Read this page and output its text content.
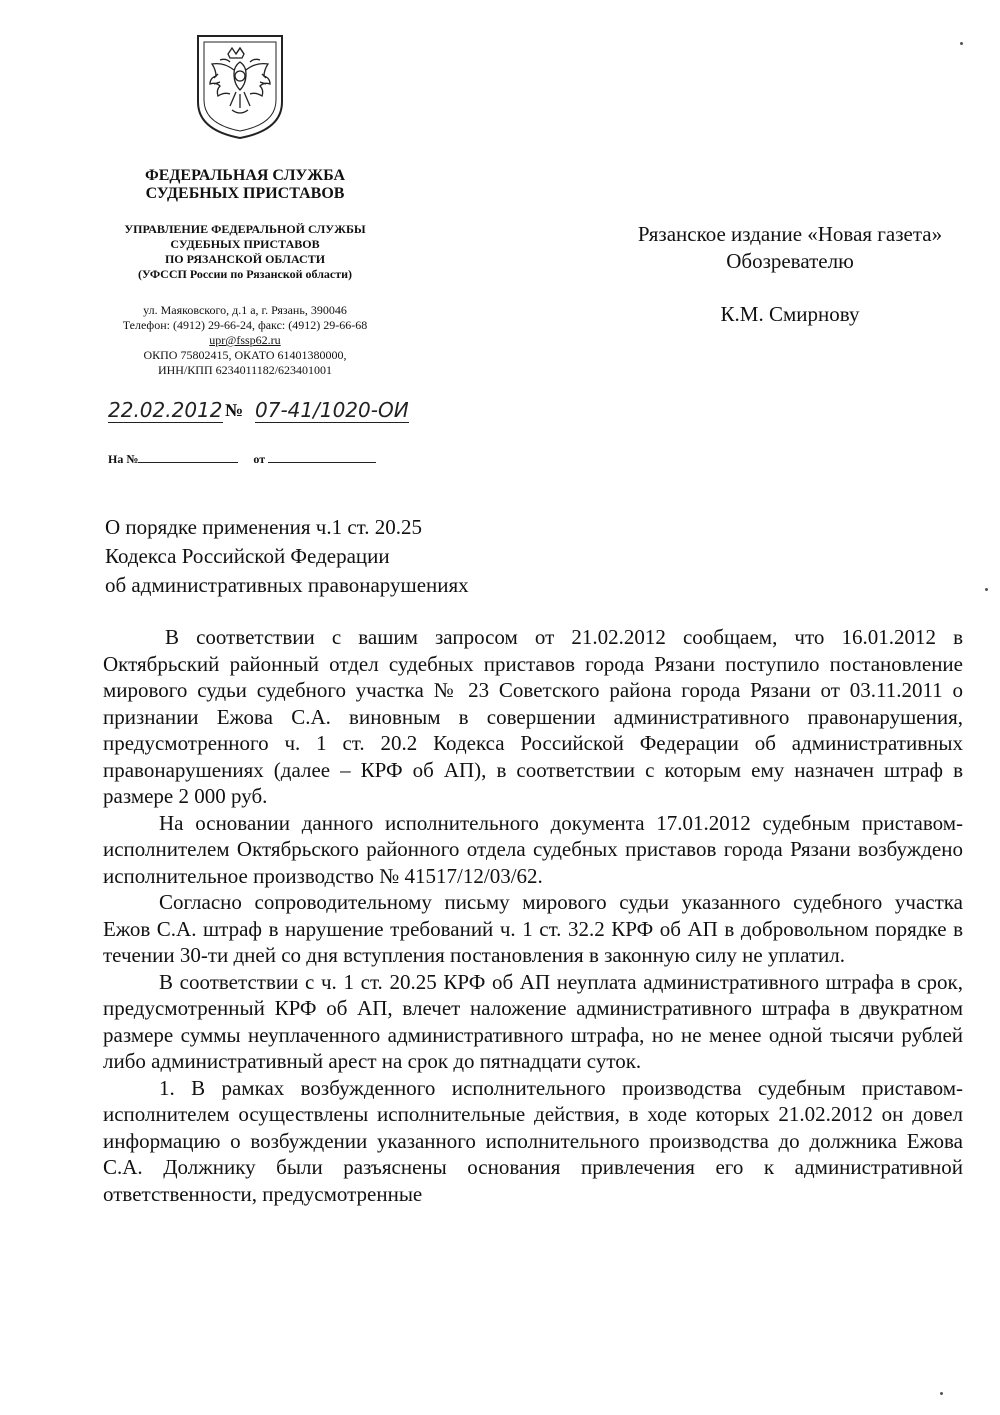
ФЕДЕРАЛЬНАЯ СЛУЖБА
СУДЕБНЫХ ПРИСТАВОВ
УПРАВЛЕНИЕ ФЕДЕРАЛЬНОЙ СЛУЖБЫ
СУДЕБНЫХ ПРИСТАВОВ
ПО РЯЗАНСКОЙ ОБЛАСТИ
(УФССП России по Рязанской области)
ул. Маяковского, д.1 а, г. Рязань, 390046
Телефон: (4912) 29-66-24, факс: (4912) 29-66-68
upr@fssp62.ru
ОКПО 75802415, ОКАТО 61401380000,
ИНН/КПП 6234011182/623401001
22.02.2012 № 07-41/1020-ОИ
На №	от
Рязанское издание «Новая газета»
Обозревателю
К.М. Смирнову
О порядке применения ч.1 ст. 20.25
Кодекса Российской Федерации
об административных правонарушениях

В соответствии с вашим запросом от 21.02.2012 сообщаем, что 16.01.2012 в Октябрьский районный отдел судебных приставов города Рязани поступило постановление мирового судьи судебного участка № 23 Советского района города Рязани от 03.11.2011 о признании Ежова С.А. виновным в совершении административного правонарушения, предусмотренного ч. 1 ст. 20.2 Кодекса Российской Федерации об административных правонарушениях (далее – КРФ об АП), в соответствии с которым ему назначен штраф в размере 2 000 руб.

На основании данного исполнительного документа 17.01.2012 судебным приставом-исполнителем Октябрьского районного отдела судебных приставов города Рязани возбуждено исполнительное производство № 41517/12/03/62.

Согласно сопроводительному письму мирового судьи указанного судебного участка Ежов С.А. штраф в нарушение требований ч. 1 ст. 32.2 КРФ об АП в добровольном порядке в течении 30-ти дней со дня вступления постановления в законную силу не уплатил.

В соответствии с ч. 1 ст. 20.25 КРФ об АП неуплата административного штрафа в срок, предусмотренный КРФ об АП, влечет наложение административного штрафа в двукратном размере суммы неуплаченного административного штрафа, но не менее одной тысячи рублей либо административный арест на срок до пятнадцати суток.

1. В рамках возбужденного исполнительного производства судебным приставом-исполнителем осуществлены исполнительные действия, в ходе которых 21.02.2012 он довел информацию о возбуждении указанного исполнительного производства до должника Ежова С.А. Должнику были разъяснены основания привлечения его к административной ответственности, предусмотренные
